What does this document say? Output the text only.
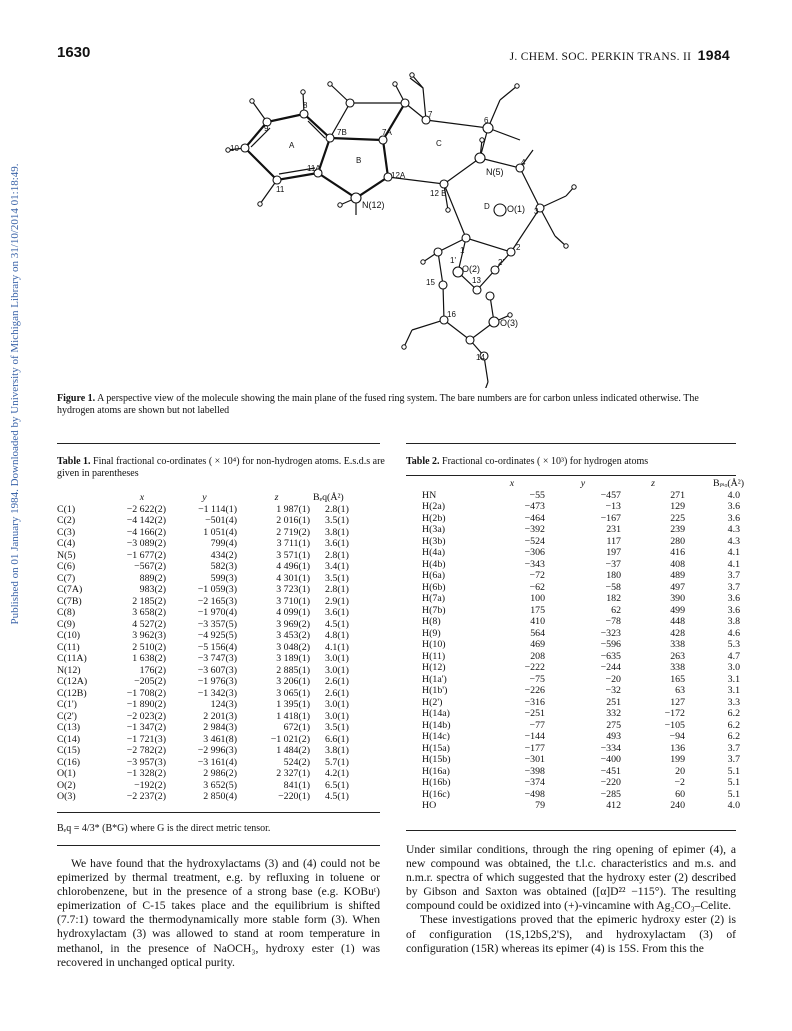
Published on 01 January 1984. Downloaded by University of Michigan Library on 31/10/2014 01:18:49.
1630	J. CHEM. SOC. PERKIN TRANS. II 1984
1	2
3
4
6
7
7A
7B
8
9
10
11
11A
12A
12 B
13
14
15
16
1'	2'
N(5)
N(12)	O(1)
O(2)
O(3)
A
B
C
D
Figure 1. A perspective view of the molecule showing the main plane of the fused ring system. The bare numbers are for carbon unless indicated otherwise. The hydrogen atoms are shown but not labelled
Table 1. Final fractional co-ordinates ( × 10⁴) for non-hydrogen atoms. E.s.d.s are given in parentheses
	x	y	z	Bₑq(Å²)
C(1)	−2 622(2)	−1 114(1)	1 987(1)	2.8(1)
C(2)	−4 142(2)	−501(4)	2 016(1)	3.5(1)
C(3)	−4 166(2)	1 051(4)	2 719(2)	3.8(1)
C(4)	−3 089(2)	799(4)	3 711(1)	3.6(1)
N(5)	−1 677(2)	434(2)	3 571(1)	2.8(1)
C(6)	−567(2)	582(3)	4 496(1)	3.4(1)
C(7)	889(2)	599(3)	4 301(1)	3.5(1)
C(7A)	983(2)	−1 059(3)	3 723(1)	2.8(1)
C(7B)	2 185(2)	−2 165(3)	3 710(1)	2.9(1)
C(8)	3 658(2)	−1 970(4)	4 099(1)	3.6(1)
C(9)	4 527(2)	−3 357(5)	3 969(2)	4.5(1)
C(10)	3 962(3)	−4 925(5)	3 453(2)	4.8(1)
C(11)	2 510(2)	−5 156(4)	3 048(2)	4.1(1)
C(11A)	1 638(2)	−3 747(3)	3 189(1)	3.0(1)
N(12)	176(2)	−3 607(3)	2 885(1)	3.0(1)
C(12A)	−205(2)	−1 976(3)	3 206(1)	2.6(1)
C(12B)	−1 708(2)	−1 342(3)	3 065(1)	2.6(1)
C(1')	−1 890(2)	124(3)	1 395(1)	3.0(1)
C(2')	−2 023(2)	2 201(3)	1 418(1)	3.0(1)
C(13)	−1 347(2)	2 984(3)	672(1)	3.5(1)
C(14)	−1 721(3)	3 461(8)	−1 021(2)	6.6(1)
C(15)	−2 782(2)	−2 996(3)	1 484(2)	3.8(1)
C(16)	−3 957(3)	−3 161(4)	524(2)	5.7(1)
O(1)	−1 328(2)	2 986(2)	2 327(1)	4.2(1)
O(2)	−192(2)	3 652(5)	841(1)	6.5(1)
O(3)	−2 237(2)	2 850(4)	−220(1)	4.5(1)
Bₑq = 4/3* (B*G) where G is the direct metric tensor.
Table 2. Fractional co-ordinates ( × 10³) for hydrogen atoms
	x	y	z	Bᵢₛₒ(Å²)
HN	−55	−457	271	4.0
H(2a)	−473	−13	129	3.6
H(2b)	−464	−167	225	3.6
H(3a)	−392	231	239	4.3
H(3b)	−524	117	280	4.3
H(4a)	−306	197	416	4.1
H(4b)	−343	−37	408	4.1
H(6a)	−72	180	489	3.7
H(6b)	−62	−58	497	3.7
H(7a)	100	182	390	3.6
H(7b)	175	62	499	3.6
H(8)	410	−78	448	3.8
H(9)	564	−323	428	4.6
H(10)	469	−596	338	5.3
H(11)	208	−635	263	4.7
H(12)	−222	−244	338	3.0
H(1a')	−75	−20	165	3.1
H(1b')	−226	−32	63	3.1
H(2')	−316	251	127	3.3
H(14a)	−251	332	−172	6.2
H(14b)	−77	275	−105	6.2
H(14c)	−144	493	−94	6.2
H(15a)	−177	−334	136	3.7
H(15b)	−301	−400	199	3.7
H(16a)	−398	−451	20	5.1
H(16b)	−374	−220	−2	5.1
H(16c)	−498	−285	60	5.1
HO	79	412	240	4.0

We have found that the hydroxylactams (3) and (4) could not be epimerized by thermal treatment, e.g. by refluxing in toluene or chlorobenzene, but in the presence of a strong base (e.g. KOBuᵗ) epimerization of C-15 takes place and the equilibrium is shifted (7.7:1) toward the thermodynamically more stable form (3). When hydroxylactam (3) was allowed to stand at room temperature in methanol, in the presence of NaOCH₃, hydroxy ester (1) was recovered in unchanged optical purity.

Under similar conditions, through the ring opening of epimer (4), a new compound was obtained, the t.l.c. characteristics and m.s. and n.m.r. spectra of which suggested that the hydroxy ester (2) described by Gibson and Saxton was obtained ([α]D²² −115°). The resulting compound could be oxidized into (+)-vincamine with Ag₂CO₃–Celite.

These investigations proved that the epimeric hydroxy ester (2) is of configuration (1S,12bS,2'S), and hydroxylactam (3) of configuration (15R) whereas its epimer (4) is 15S. From this the
